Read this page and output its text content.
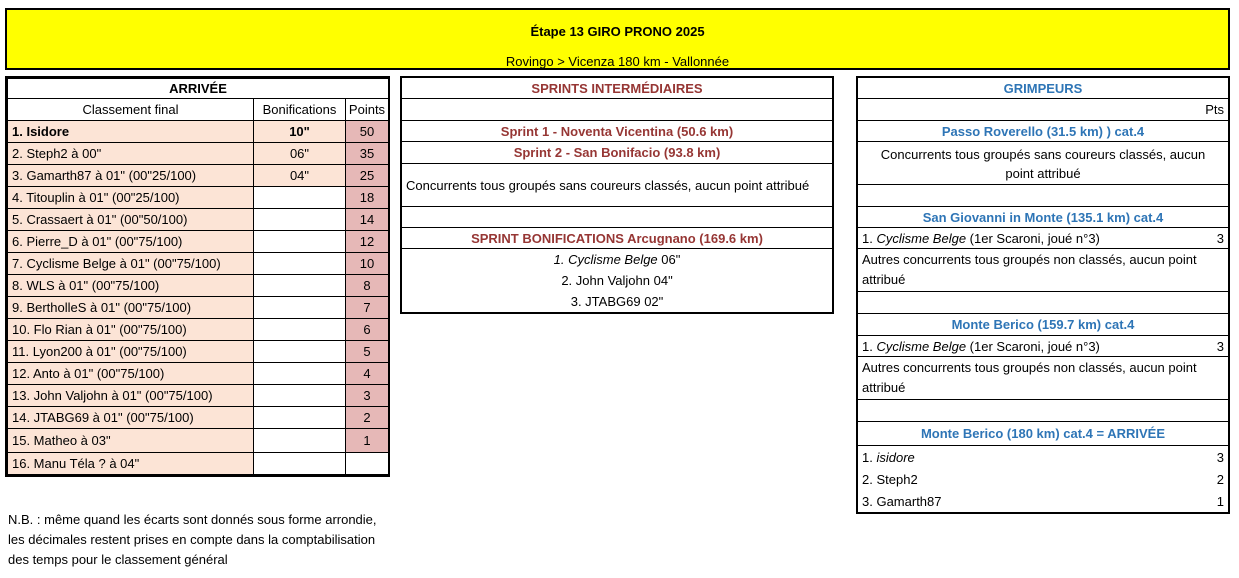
Étape 13 GIRO PRONO 2025
Rovingo > Vicenza 180 km - Vallonnée
ARRIVÉE		
Classement final	Bonifications	Points
1. Isidore	10"	50
2. Steph2 à 00"	06"	35
3. Gamarth87 à 01" (00"25/100)	04"	25
4. Titouplin à 01" (00"25/100)		18
5. Crassaert à 01" (00"50/100)		14
6. Pierre_D à 01" (00"75/100)		12
7. Cyclisme Belge à 01" (00"75/100)		10
8. WLS à 01" (00"75/100)		8
9. BertholleS à 01" (00"75/100)		7
10. Flo Rian à 01" (00"75/100)		6
11. Lyon200 à 01" (00"75/100)		5
12. Anto à 01" (00"75/100)		4
13. John Valjohn à 01" (00"75/100)		3
14. JTABG69 à 01" (00"75/100)		2
15. Matheo à 03"		1
16. Manu Téla ? à 04"		
SPRINTS INTERMÉDIAIRES
Sprint 1 - Noventa Vicentina (50.6 km)
Sprint 2 - San Bonifacio (93.8 km)
Concurrents tous groupés sans coureurs classés, aucun point attribué
SPRINT BONIFICATIONS Arcugnano (169.6 km)
1. Cyclisme Belge 06"
2. John Valjohn 04"
3. JTABG69 02"
GRIMPEURS
Pts
Passo Roverello (31.5 km) ) cat.4
Concurrents tous groupés sans coureurs classés, aucun point attribué
San Giovanni in Monte (135.1 km) cat.4
1. Cyclisme Belge (1er Scaroni, joué n°3)	3
Autres concurrents tous groupés non classés, aucun point attribué
Monte Berico (159.7 km) cat.4
1. Cyclisme Belge (1er Scaroni, joué n°3)	3
Autres concurrents tous groupés non classés, aucun point attribué
Monte Berico (180 km) cat.4 = ARRIVÉE
1. isidore	3
2. Steph2	2
3. Gamarth87	1
N.B. : même quand les écarts sont donnés sous forme arrondie, les décimales restent prises en compte dans la comptabilisation des temps pour le classement général
